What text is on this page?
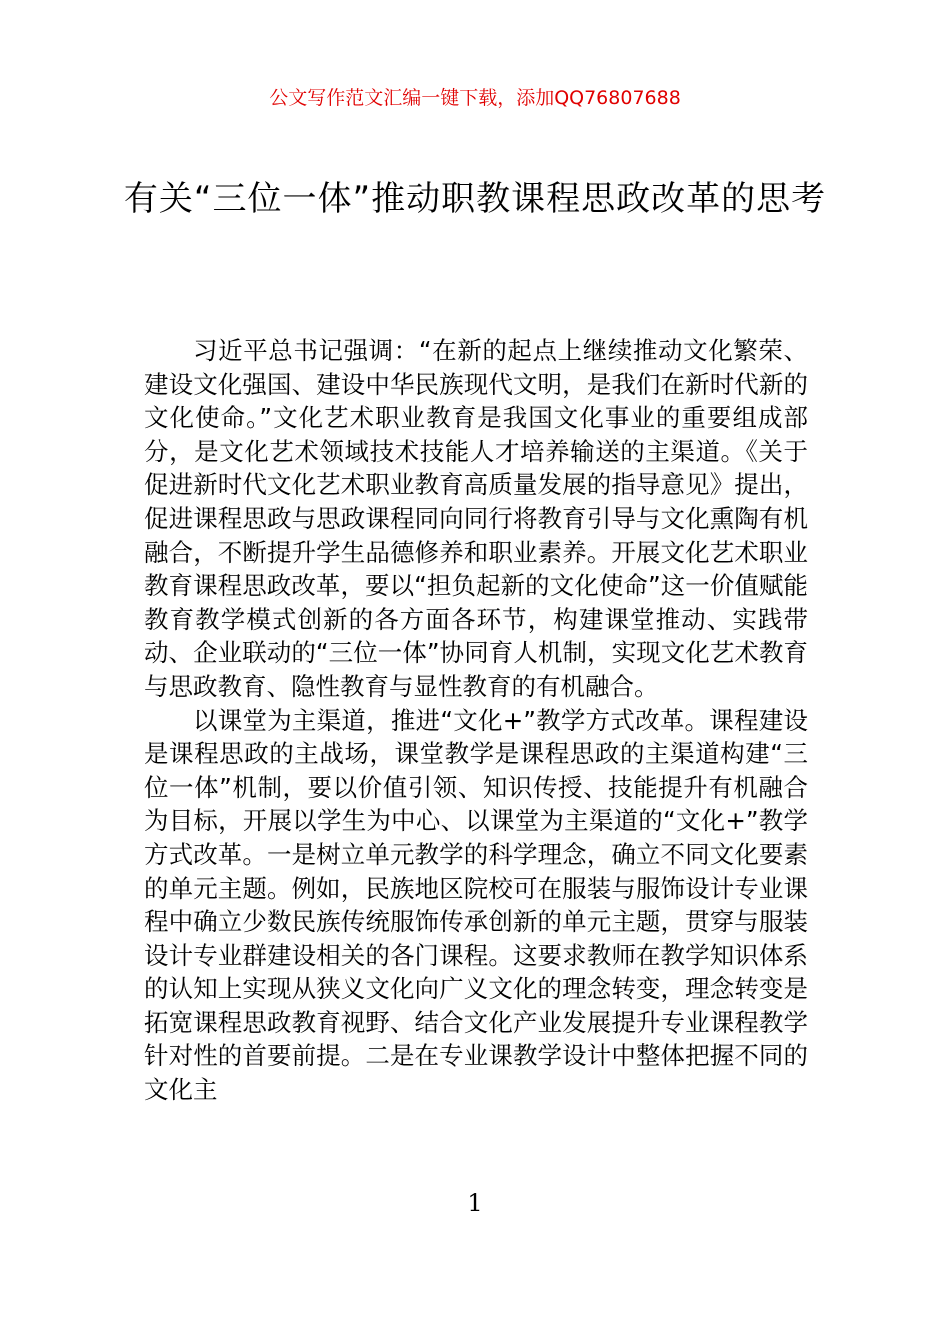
公文写作范文汇编一键下载，添加QQ76807688
有关“三位一体”推动职教课程思政改革的思考

习近平总书记强调：“在新的起点上继续推动文化繁荣、建设文化强国、建设中华民族现代文明，是我们在新时代新的文化使命。”文化艺术职业教育是我国文化事业的重要组成部分，是文化艺术领域技术技能人才培养输送的主渠道。《关于促进新时代文化艺术职业教育高质量发展的指导意见》提出，促进课程思政与思政课程同向同行将教育引导与文化熏陶有机融合，不断提升学生品德修养和职业素养。开展文化艺术职业教育课程思政改革，要以“担负起新的文化使命”这一价值赋能教育教学模式创新的各方面各环节，构建课堂推动、实践带动、企业联动的“三位一体”协同育人机制，实现文化艺术教育与思政教育、隐性教育与显性教育的有机融合。

以课堂为主渠道，推进“文化+”教学方式改革。课程建设是课程思政的主战场，课堂教学是课程思政的主渠道构建“三位一体”机制，要以价值引领、知识传授、技能提升有机融合为目标，开展以学生为中心、以课堂为主渠道的“文化+”教学方式改革。一是树立单元教学的科学理念，确立不同文化要素的单元主题。例如，民族地区院校可在服装与服饰设计专业课程中确立少数民族传统服饰传承创新的单元主题，贯穿与服装设计专业群建设相关的各门课程。这要求教师在教学知识体系的认知上实现从狭义文化向广义文化的理念转变，理念转变是拓宽课程思政教育视野、结合文化产业发展提升专业课程教学针对性的首要前提。二是在专业课教学设计中整体把握不同的文化主

1
